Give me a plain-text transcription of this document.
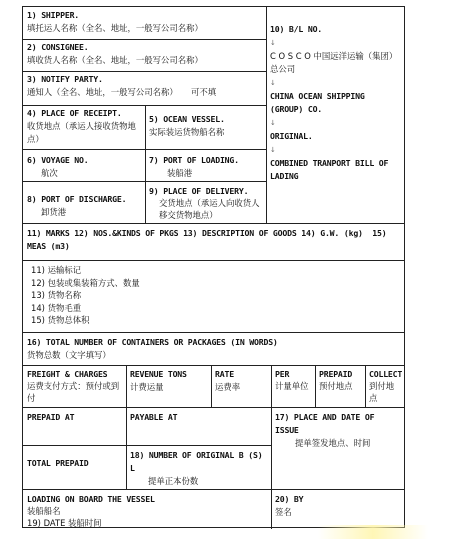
1) SHIPPER.
填托运人名称（全名、地址，一般写公司名称）
2) CONSIGNEE.
填收货人名称（全名、地址，一般写公司名称）
3) NOTIFY PARTY.
通知人（全名、地址，一般写公司名称）     可不填
4) PLACE OF RECEIPT.
收货地点（承运人接收货物地点）
5) OCEAN VESSEL.
实际装运货物船名称
6) VOYAGE NO.
航次
7) PORT OF LOADING.
装船港
8) PORT OF DISCHARGE.
卸货港
9) PLACE OF DELIVERY.
交货地点（承运人向收货人移交货物地点）
10) B/L NO.
↓
C O S C O 中国远洋运输（集团）总公司
↓
CHINA OCEAN SHIPPING (GROUP) CO.
↓
ORIGINAL.
↓
COMBINED TRANPORT BILL OF LADING
11) MARKS 12) NOS.&KINDS OF PKGS 13) DESCRIPTION OF GOODS 14) G.W. (kg)  15) MEAS (m3)
11) 运输标记
12) 包装或集装箱方式、数量
13) 货物名称
14) 货物毛重
15) 货物总体积
16) TOTAL NUMBER OF CONTAINERS OR PACKAGES (IN WORDS)
货物总数（文字填写）
FREIGHT & CHARGES
运费支付方式：预付或到付
REVENUE TONS
计费运量
RATE
运费率
PER
计量单位
PREPAID
预付地点
COLLECT
到付地点
PREPAID AT	PAYABLE AT	17) PLACE AND DATE OF ISSUE
提单签发地点、时间
TOTAL PREPAID
18) NUMBER OF ORIGINAL B (S) L
提单正本份数
LOADING ON BOARD THE VESSEL
装船船名
19) DATE 装船时间
20) BY
签名
